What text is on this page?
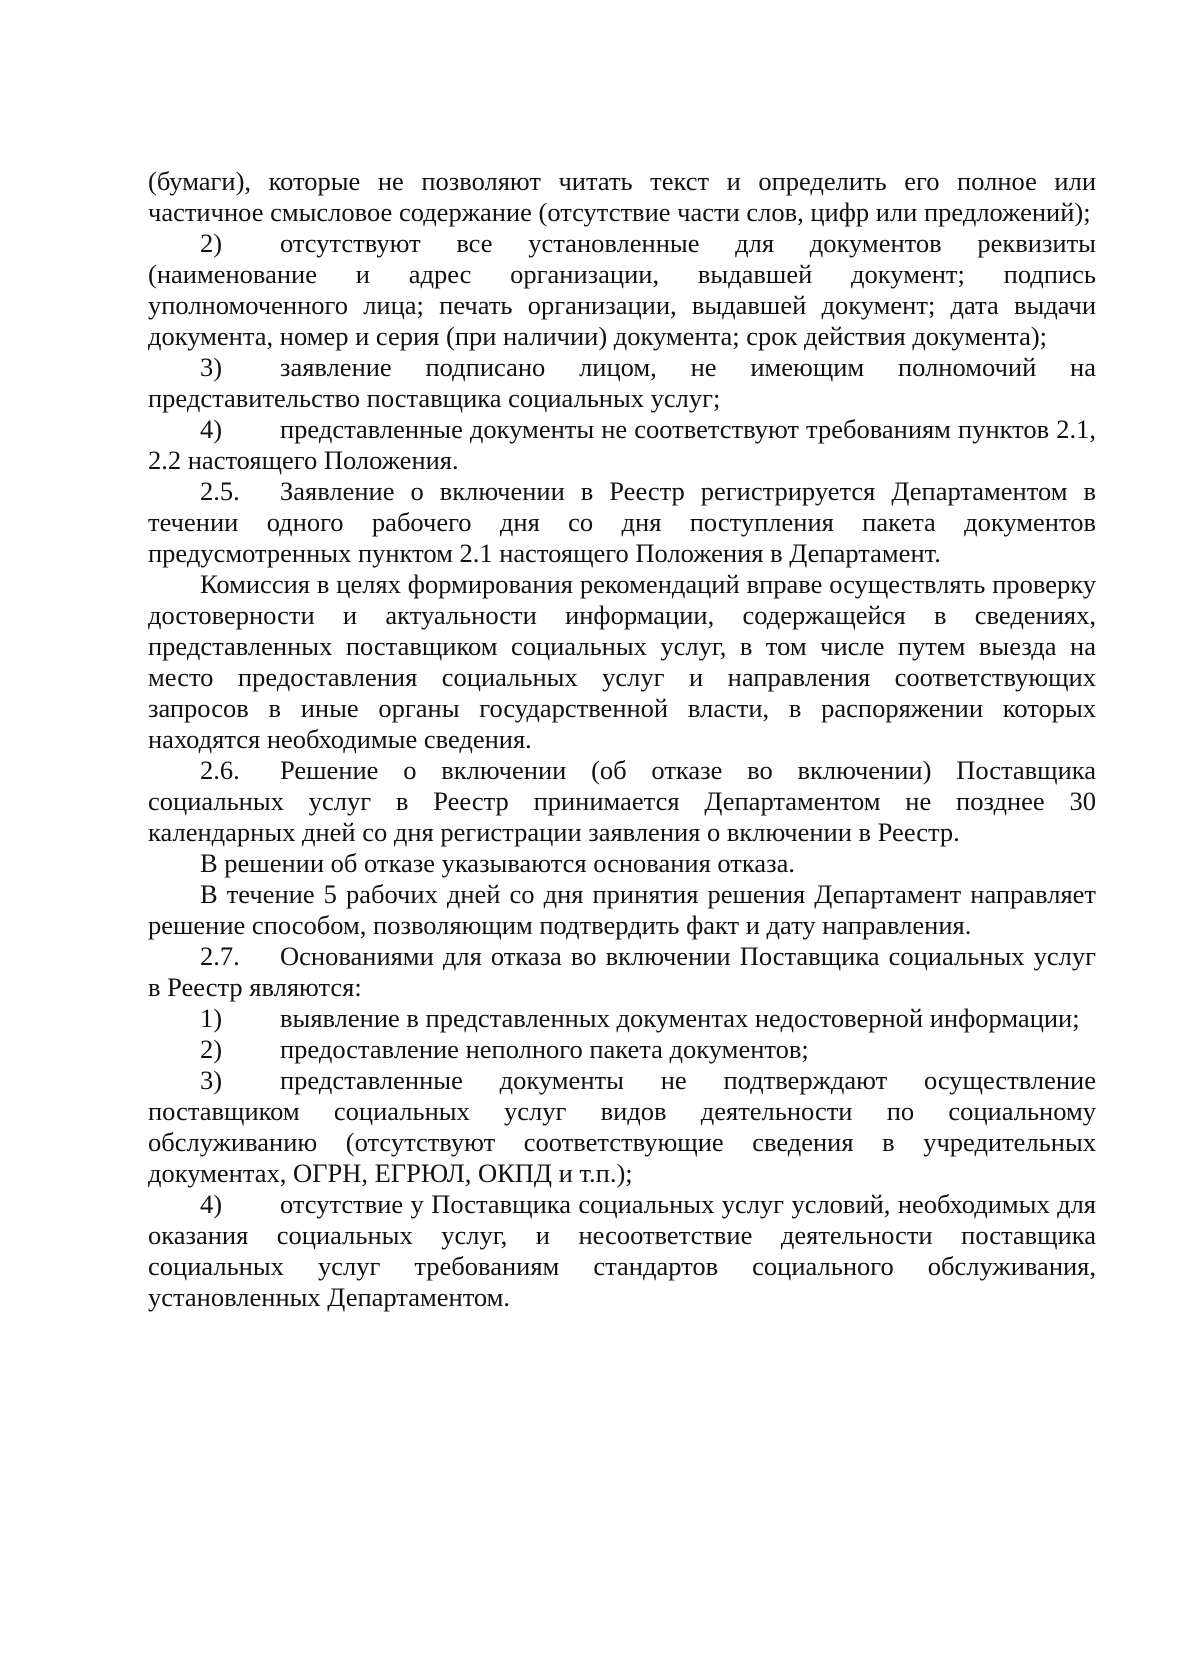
(бумаги), которые не позволяют читать текст и определить его полное или частичное смысловое содержание (отсутствие части слов, цифр или предложений);

2) отсутствуют все установленные для документов реквизиты (наименование и адрес организации, выдавшей документ; подпись уполномоченного лица; печать организации, выдавшей документ; дата выдачи документа, номер и серия (при наличии) документа; срок действия документа);

3) заявление подписано лицом, не имеющим полномочий на представительство поставщика социальных услуг;

4) представленные документы не соответствуют требованиям пунктов 2.1, 2.2 настоящего Положения.

2.5. Заявление о включении в Реестр регистрируется Департаментом в течении одного рабочего дня со дня поступления пакета документов предусмотренных пунктом 2.1 настоящего Положения в Департамент.

Комиссия в целях формирования рекомендаций вправе осуществлять проверку достоверности и актуальности информации, содержащейся в сведениях, представленных поставщиком социальных услуг, в том числе путем выезда на место предоставления социальных услуг и направления соответствующих запросов в иные органы государственной власти, в распоряжении которых находятся необходимые сведения.

2.6. Решение о включении (об отказе во включении) Поставщика социальных услуг в Реестр принимается Департаментом не позднее 30 календарных дней со дня регистрации заявления о включении в Реестр.

В решении об отказе указываются основания отказа.

В течение 5 рабочих дней со дня принятия решения Департамент направляет решение способом, позволяющим подтвердить факт и дату направления.

2.7. Основаниями для отказа во включении Поставщика социальных услуг в Реестр являются:

1) выявление в представленных документах недостоверной информации;

2) предоставление неполного пакета документов;

3) представленные документы не подтверждают осуществление поставщиком социальных услуг видов деятельности по социальному обслуживанию (отсутствуют соответствующие сведения в учредительных документах, ОГРН, ЕГРЮЛ, ОКПД и т.п.);

4) отсутствие у Поставщика социальных услуг условий, необходимых для оказания социальных услуг, и несоответствие деятельности поставщика социальных услуг требованиям стандартов социального обслуживания, установленных Департаментом.
